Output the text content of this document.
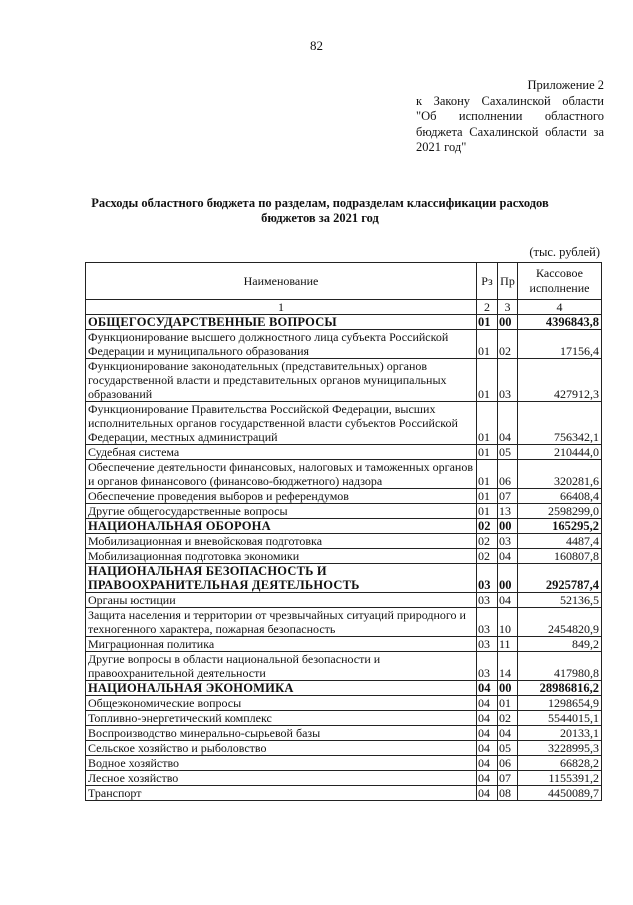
82
Приложение 2
к Закону Сахалинской области
"Об исполнении областного
бюджета Сахалинской области за
2021 год"
Расходы областного бюджета по разделам, подразделам классификации расходов
бюджетов за 2021 год
(тыс. рублей)
Наименование	Рз	Пр	Кассовое
исполнение

1	2	3	4
ОБЩЕГОСУДАРСТВЕННЫЕ ВОПРОСЫ	01	00	4396843,8
Функционирование высшего должностного лица субъекта Российской Федерации и муниципального образования	01	02	17156,4
Функционирование законодательных (представительных) органов государственной власти и представительных органов муниципальных образований	01	03	427912,3
Функционирование Правительства Российской Федерации, высших исполнительных органов государственной власти субъектов Российской Федерации, местных администраций	01	04	756342,1
Судебная система	01	05	210444,0
Обеспечение деятельности финансовых, налоговых и таможенных органов и органов финансового (финансово-бюджетного) надзора	01	06	320281,6
Обеспечение проведения выборов и референдумов	01	07	66408,4
Другие общегосударственные вопросы	01	13	2598299,0
НАЦИОНАЛЬНАЯ ОБОРОНА	02	00	165295,2
Мобилизационная и вневойсковая подготовка	02	03	4487,4
Мобилизационная подготовка экономики	02	04	160807,8
НАЦИОНАЛЬНАЯ БЕЗОПАСНОСТЬ И ПРАВООХРАНИТЕЛЬНАЯ ДЕЯТЕЛЬНОСТЬ	03	00	2925787,4
Органы юстиции	03	04	52136,5
Защита населения и территории от чрезвычайных ситуаций природного и техногенного характера, пожарная безопасность	03	10	2454820,9
Миграционная политика	03	11	849,2
Другие вопросы в области национальной безопасности и правоохранительной деятельности	03	14	417980,8
НАЦИОНАЛЬНАЯ ЭКОНОМИКА	04	00	28986816,2
Общеэкономические вопросы	04	01	1298654,9
Топливно-энергетический комплекс	04	02	5544015,1
Воспроизводство минерально-сырьевой базы	04	04	20133,1
Сельское хозяйство и рыболовство	04	05	3228995,3
Водное хозяйство	04	06	66828,2
Лесное хозяйство	04	07	1155391,2
Транспорт	04	08	4450089,7
